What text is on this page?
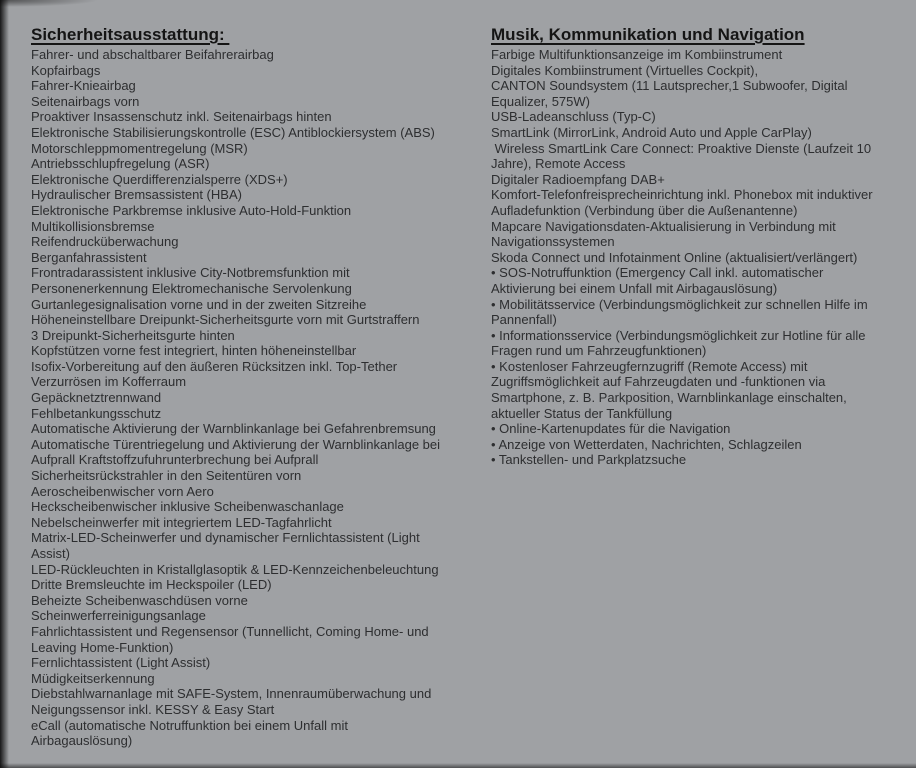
Sicherheitsausstattung:
Fahrer- und abschaltbarer Beifahrerairbag
Kopfairbags
Fahrer-Knieairbag
Seitenairbags vorn
Proaktiver Insassenschutz inkl. Seitenairbags hinten
Elektronische Stabilisierungskontrolle (ESC) Antiblockiersystem (ABS)
Motorschleppmomentregelung (MSR)
Antriebsschlupfregelung (ASR)
Elektronische Querdifferenzialsperre (XDS+)
Hydraulischer Bremsassistent (HBA)
Elektronische Parkbremse inklusive Auto-Hold-Funktion
Multikollisionsbremse
Reifendrucküberwachung
Berganfahrassistent
Frontradarassistent inklusive City-Notbremsfunktion mit
Personenerkennung Elektromechanische Servolenkung
Gurtanlegesignalisation vorne und in der zweiten Sitzreihe
Höheneinstellbare Dreipunkt-Sicherheitsgurte vorn mit Gurtstraffern
3 Dreipunkt-Sicherheitsgurte hinten
Kopfstützen vorne fest integriert, hinten höheneinstellbar
Isofix-Vorbereitung auf den äußeren Rücksitzen inkl. Top-Tether
Verzurrösen im Kofferraum
Gepäcknetztrennwand
Fehlbetankungsschutz
Automatische Aktivierung der Warnblinkanlage bei Gefahrenbremsung
Automatische Türentriegelung und Aktivierung der Warnblinkanlage bei
Aufprall Kraftstoffzufuhrunterbrechung bei Aufprall
Sicherheitsrückstrahler in den Seitentüren vorn
Aeroscheibenwischer vorn Aero
Heckscheibenwischer inklusive Scheibenwaschanlage
Nebelscheinwerfer mit integriertem LED-Tagfahrlicht
Matrix-LED-Scheinwerfer und dynamischer Fernlichtassistent (Light
Assist)
LED-Rückleuchten in Kristallglasoptik & LED-Kennzeichenbeleuchtung
Dritte Bremsleuchte im Heckspoiler (LED)
Beheizte Scheibenwaschdüsen vorne
Scheinwerferreinigungsanlage
Fahrlichtassistent und Regensensor (Tunnellicht, Coming Home- und
Leaving Home-Funktion)
Fernlichtassistent (Light Assist)
Müdigkeitserkennung
Diebstahlwarnanlage mit SAFE-System, Innenraumüberwachung und
Neigungssensor inkl. KESSY & Easy Start
eCall (automatische Notruffunktion bei einem Unfall mit
Airbagauslösung)
Musik, Kommunikation und Navigation
Farbige Multifunktionsanzeige im Kombiinstrument
Digitales Kombiinstrument (Virtuelles Cockpit),
CANTON Soundsystem (11 Lautsprecher,1 Subwoofer, Digital
Equalizer, 575W)
USB-Ladeanschluss (Typ-C)
SmartLink (MirrorLink, Android Auto und Apple CarPlay)
Wireless SmartLink Care Connect: Proaktive Dienste (Laufzeit 10
Jahre), Remote Access
Digitaler Radioempfang DAB+
Komfort-Telefonfreisprecheinrichtung inkl. Phonebox mit induktiver
Aufladefunktion (Verbindung über die Außenantenne)
Mapcare Navigationsdaten-Aktualisierung in Verbindung mit
Navigationssystemen
Skoda Connect und Infotainment Online (aktualisiert/verlängert)
• SOS-Notruffunktion (Emergency Call inkl. automatischer
Aktivierung bei einem Unfall mit Airbagauslösung)
• Mobilitätsservice (Verbindungsmöglichkeit zur schnellen Hilfe im
Pannenfall)
• Informationsservice (Verbindungsmöglichkeit zur Hotline für alle
Fragen rund um Fahrzeugfunktionen)
• Kostenloser Fahrzeugfernzugriff (Remote Access) mit
Zugriffsmöglichkeit auf Fahrzeugdaten und -funktionen via
Smartphone, z. B. Parkposition, Warnblinkanlage einschalten,
aktueller Status der Tankfüllung
• Online-Kartenupdates für die Navigation
• Anzeige von Wetterdaten, Nachrichten, Schlagzeilen
• Tankstellen- und Parkplatzsuche
